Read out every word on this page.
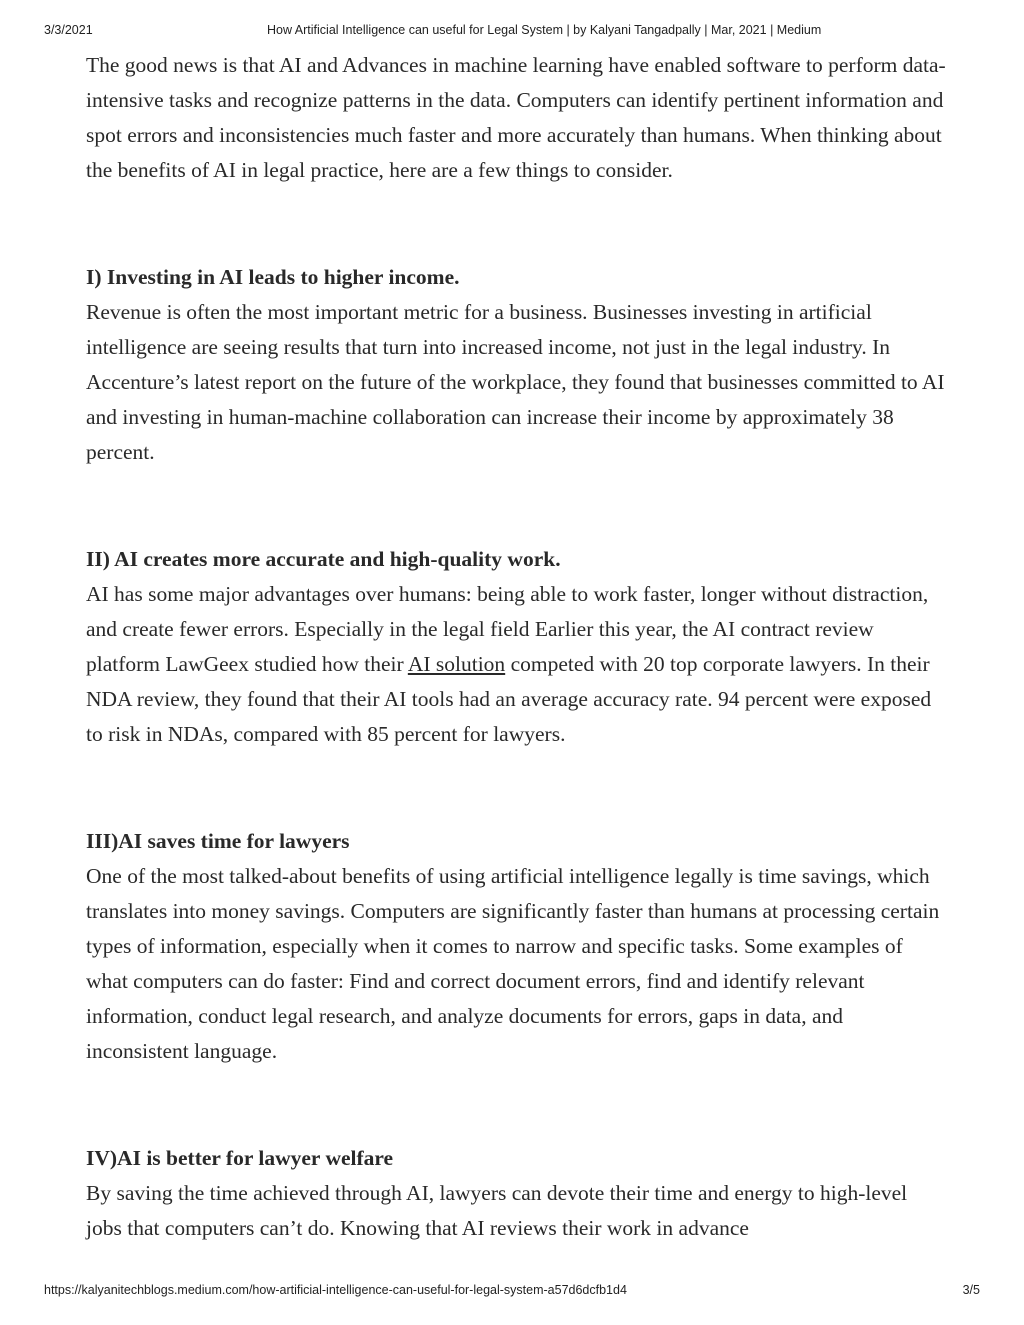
3/3/2021	How Artificial Intelligence can useful for Legal System | by Kalyani Tangadpally | Mar, 2021 | Medium

The good news is that AI and Advances in machine learning have enabled software to perform data-intensive tasks and recognize patterns in the data. Computers can identify pertinent information and spot errors and inconsistencies much faster and more accurately than humans. When thinking about the benefits of AI in legal practice, here are a few things to consider.

I) Investing in AI leads to higher income.

Revenue is often the most important metric for a business. Businesses investing in artificial intelligence are seeing results that turn into increased income, not just in the legal industry. In Accenture’s latest report on the future of the workplace, they found that businesses committed to AI and investing in human-machine collaboration can increase their income by approximately 38 percent.

II) AI creates more accurate and high-quality work.

AI has some major advantages over humans: being able to work faster, longer without distraction, and create fewer errors. Especially in the legal field Earlier this year, the AI contract review platform LawGeex studied how their AI solution competed with 20 top corporate lawyers. In their NDA review, they found that their AI tools had an average accuracy rate. 94 percent were exposed to risk in NDAs, compared with 85 percent for lawyers.

III)AI saves time for lawyers

One of the most talked-about benefits of using artificial intelligence legally is time savings, which translates into money savings. Computers are significantly faster than humans at processing certain types of information, especially when it comes to narrow and specific tasks. Some examples of what computers can do faster: Find and correct document errors, find and identify relevant information, conduct legal research, and analyze documents for errors, gaps in data, and inconsistent language.

IV)AI is better for lawyer welfare

By saving the time achieved through AI, lawyers can devote their time and energy to high-level jobs that computers can’t do. Knowing that AI reviews their work in advance

https://kalyanitechblogs.medium.com/how-artificial-intelligence-can-useful-for-legal-system-a57d6dcfb1d4	3/5
